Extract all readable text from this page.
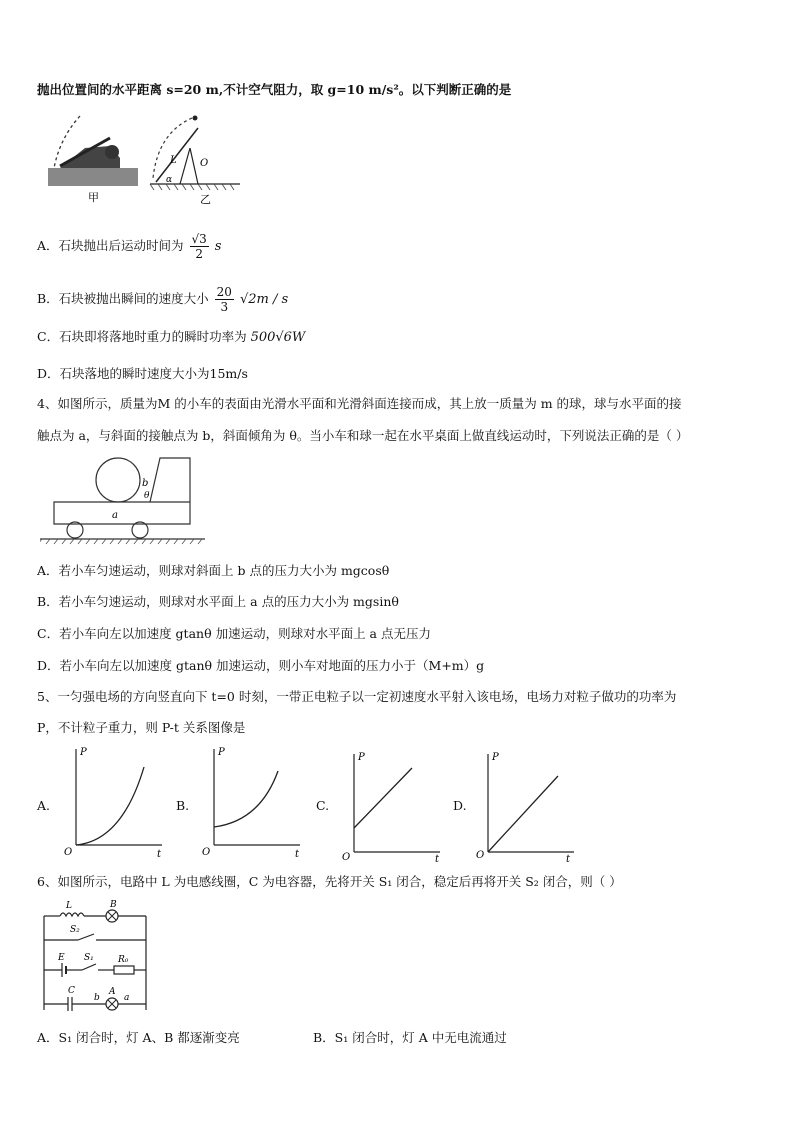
抛出位置间的水平距离 s=20 m,不计空气阻力，取 g=10 m/s²。以下判断正确的是
甲
L O
α
乙
A．石块抛出后运动时间为 $\frac{√3}{2}$ s
B．石块被抛出瞬间的速度大小 $\frac{20}{3} √2m$ / s
C．石块即将落地时重力的瞬时功率为 500√6W
D．石块落地的瞬时速度大小为15m/s
4、如图所示，质量为M 的小车的表面由光滑水平面和光滑斜面连接而成，其上放一质量为 m 的球，球与水平面的接
触点为 a，与斜面的接触点为 b，斜面倾角为 θ。当小车和球一起在水平桌面上做直线运动时，下列说法正确的是（ ）
a
b
θ
A．若小车匀速运动，则球对斜面上 b 点的压力大小为 mgcosθ
B．若小车匀速运动，则球对水平面上 a 点的压力大小为 mgsinθ
C．若小车向左以加速度 gtanθ 加速运动，则球对水平面上 a 点无压力
D．若小车向左以加速度 gtanθ 加速运动，则小车对地面的压力小于（M+m）g
5、一匀强电场的方向竖直向下 t=0 时刻，一带正电粒子以一定初速度水平射入该电场，电场力对粒子做功的功率为
P，不计粒子重力，则 P-t 关系图像是
A.
P
t
O
B.
P
t
O
C.
P
t
O
D.
P
t
O
6、如图所示，电路中 L 为电感线圈，C 为电容器，先将开关 S₁ 闭合，稳定后再将开关 S₂ 闭合，则（ ）
L	B
S₂
E S₁	R₀
C
b
A
a
A．S₁ 闭合时，灯 A、B 都逐渐变亮	B．S₁ 闭合时，灯 A 中无电流通过
